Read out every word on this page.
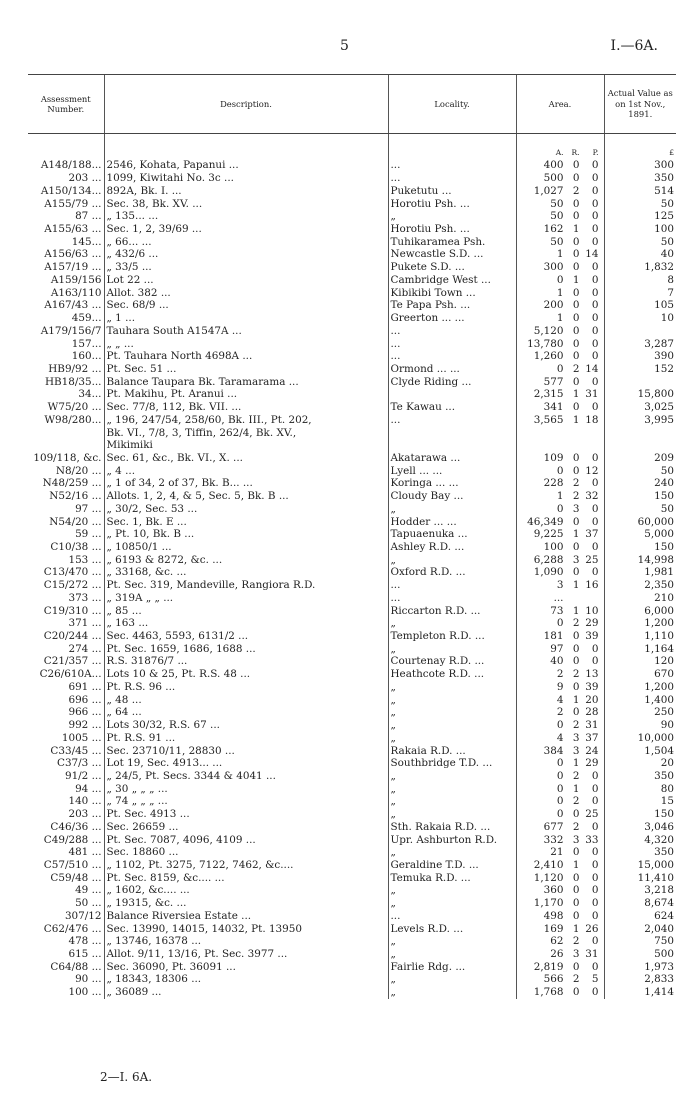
5	I.—6A.
Assessment Number.	Description.	Locality.	Area.	Actual Value as on 1st Nov., 1891.

			A. R. P.	£
A148/188...	2546, Kohata, Papanui ...	...	400 0 0	300
203 ...	1099, Kiwitahi No. 3c ...	...	500 0 0	350
A150/134...	892A, Bk. I. ...	Puketutu ...	1,027 2 0	514
A155/79 ...	Sec. 38, Bk. XV. ...	Horotiu Psh. ...	50 0 0	50
87 ...	„ 135... ...	„	50 0 0	125
A155/63 ...	Sec. 1, 2, 39/69 ...	Horotiu Psh. ...	162 1 0	100
145...	„ 66... ...	Tuhikaramea Psh.	50 0 0	50
A156/63 ...	„ 432/6 ...	Newcastle S.D. ...	1 0 14	40
A157/19 ...	„ 33/5 ...	Pukete S.D. ...	300 0 0	1,832
A159/156	Lot 22 ...	Cambridge West ...	0 1 0	8
A163/110	Allot. 382 ...	Kibikibi Town ...	1 0 0	7
A167/43 ...	Sec. 68/9 ...	Te Papa Psh. ...	200 0 0	105
459...	„ 1 ...	Greerton ... ...	1 0 0	10
A179/156/7	Tauhara South A1547A ...	...	5,120 0 0	
157...	„ „ ...	...	13,780 0 0	3,287
160...	Pt. Tauhara North 4698A ...	...	1,260 0 0	390
HB9/92 ...	Pt. Sec. 51 ...	Ormond ... ...	0 2 14	152
HB18/35...	Balance Taupara Bk. Taramarama ...	Clyde Riding ...	577 0 0	
34...	Pt. Makihu, Pt. Aranui ...		2,315 1 31	15,800
W75/20 ...	Sec. 77/8, 112, Bk. VII. ...	Te Kawau ...	341 0 0	3,025
W98/280...	„ 196, 247/54, 258/60, Bk. III., Pt. 202,	...	3,565 1 18	3,995
	Bk. VI., 7/8, 3, Tiffin, 262/4, Bk. XV.,			
	Mikimiki			
109/118, &c.	Sec. 61, &c., Bk. VI., X. ...	Akatarawa ...	109 0 0	209
N8/20 ...	„ 4 ...	Lyell ... ...	0 0 12	50
N48/259 ...	„ 1 of 34, 2 of 37, Bk. B... ...	Koringa ... ...	228 2 0	240
N52/16 ...	Allots. 1, 2, 4, & 5, Sec. 5, Bk. B ...	Cloudy Bay ...	1 2 32	150
97 ...	„ 30/2, Sec. 53 ...	„	0 3 0	50
N54/20 ...	Sec. 1, Bk. E ...	Hodder ... ...	46,349 0 0	60,000
59 ...	„ Pt. 10, Bk. B ...	Tapuaenuka ...	9,225 1 37	5,000
C10/38 ...	„ 10850/1 ...	Ashley R.D. ...	100 0 0	150
153 ...	„ 6193 & 8272, &c. ...	„	6,288 3 25	14,998
C13/470 ...	„ 33168, &c. ...	Oxford R.D. ...	1,090 0 0	1,981
C15/272 ...	Pt. Sec. 319, Mandeville, Rangiora R.D.	...	3 1 16	2,350
373 ...	„ 319A „ „ ...	...	...	210
C19/310 ...	„ 85 ...	Riccarton R.D. ...	73 1 10	6,000
371 ...	„ 163 ...	„	0 2 29	1,200
C20/244 ...	Sec. 4463, 5593, 6131/2 ...	Templeton R.D. ...	181 0 39	1,110
274 ...	Pt. Sec. 1659, 1686, 1688 ...	„	97 0 0	1,164
C21/357 ...	R.S. 31876/7 ...	Courtenay R.D. ...	40 0 0	120
C26/610A...	Lots 10 & 25, Pt. R.S. 48 ...	Heathcote R.D. ...	2 2 13	670
691 ...	Pt. R.S. 96 ...	„	9 0 39	1,200
696 ...	„ 48 ...	„	4 1 20	1,400
966 ...	„ 64 ...	„	2 0 28	250
992 ...	Lots 30/32, R.S. 67 ...	„	0 2 31	90
1005 ...	Pt. R.S. 91 ...	„	4 3 37	10,000
C33/45 ...	Sec. 23710/11, 28830 ...	Rakaia R.D. ...	384 3 24	1,504
C37/3 ...	Lot 19, Sec. 4913... ...	Southbridge T.D. ...	0 1 29	20
91/2 ...	„ 24/5, Pt. Secs. 3344 & 4041 ...	„	0 2 0	350
94 ...	„ 30 „ „ „ ...	„	0 1 0	80
140 ...	„ 74 „ „ „ ...	„	0 2 0	15
203 ...	Pt. Sec. 4913 ...	„	0 0 25	150
C46/36 ...	Sec. 26659 ...	Sth. Rakaia R.D. ...	677 2 0	3,046
C49/288 ...	Pt. Sec. 7087, 4096, 4109 ...	Upr. Ashburton R.D.	332 3 33	4,320
481 ...	Sec. 18860 ...	„	21 0 0	350
C57/510 ...	„ 1102, Pt. 3275, 7122, 7462, &c....	Geraldine T.D. ...	2,410 1 0	15,000
C59/48 ...	Pt. Sec. 8159, &c.... ...	Temuka R.D. ...	1,120 0 0	11,410
49 ...	„ 1602, &c.... ...	„	360 0 0	3,218
50 ...	„ 19315, &c. ...	„	1,170 0 0	8,674
307/12	Balance Riversiea Estate ...	...	498 0 0	624
C62/476 ...	Sec. 13990, 14015, 14032, Pt. 13950	Levels R.D. ...	169 1 26	2,040
478 ...	„ 13746, 16378 ...	„	62 2 0	750
615 ...	Allot. 9/11, 13/16, Pt. Sec. 3977 ...	„	26 3 31	500
C64/88 ...	Sec. 36090, Pt. 36091 ...	Fairlie Rdg. ...	2,819 0 0	1,973
90 ...	„ 18343, 18306 ...	„	566 2 5	2,833
100 ...	„ 36089 ...	„	1,768 0 0	1,414
2—I. 6A.
